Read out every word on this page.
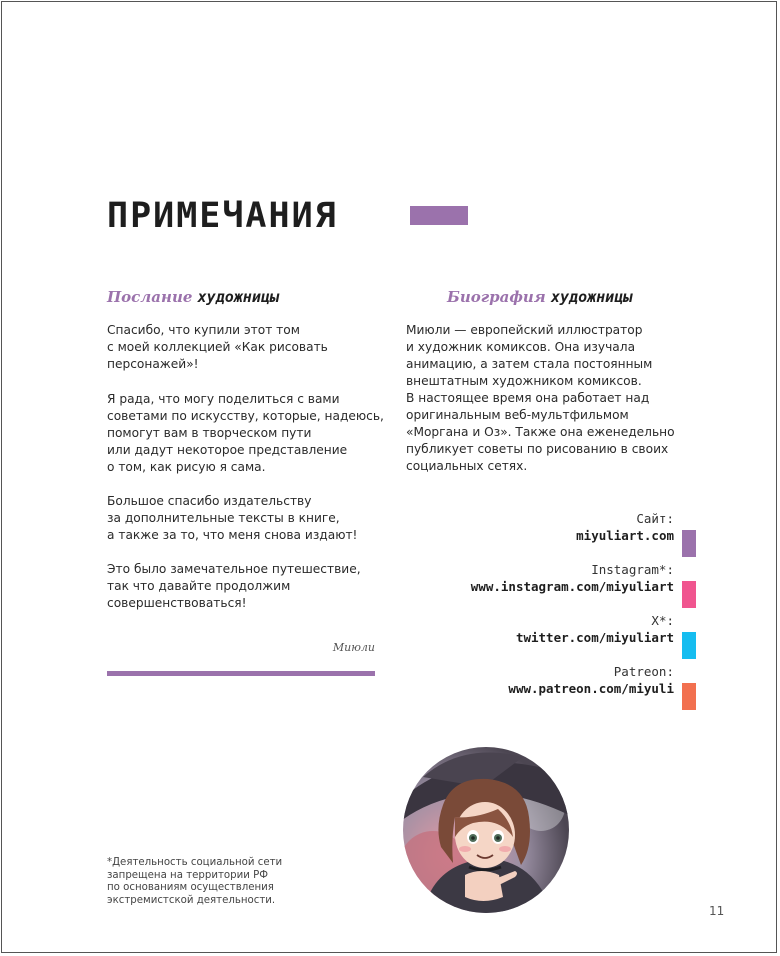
ПРИМЕЧАНИЯ
Послание художницы

Спасибо, что купили этот том
с моей коллекцией «Как рисовать
персонажей»!

Я рада, что могу поделиться с вами
советами по искусству, которые, надеюсь,
помогут вам в творческом пути
или дадут некоторое представление
о том, как рисую я сама.

Большое спасибо издательству
за дополнительные тексты в книге,
а также за то, что меня снова издают!

Это было замечательное путешествие,
так что давайте продолжим
совершенствоваться!

Миюли

Биография художницы

Миюли — европейский иллюстратор
и художник комиксов. Она изучала
анимацию, а затем стала постоянным
внештатным художником комиксов.
В настоящее время она работает над
оригинальным веб-мультфильмом
«Моргана и Оз». Также она еженедельно
публикует советы по рисованию в своих
социальных сетях.

Сайт:
miyuliart.com
Instagram*:
www.instagram.com/miyuliart
X*:
twitter.com/miyuliart
Patreon:
www.patreon.com/miyuli

*Деятельность социальной сети
запрещена на территории РФ
по основаниям осуществления
экстремистской деятельности.

11
